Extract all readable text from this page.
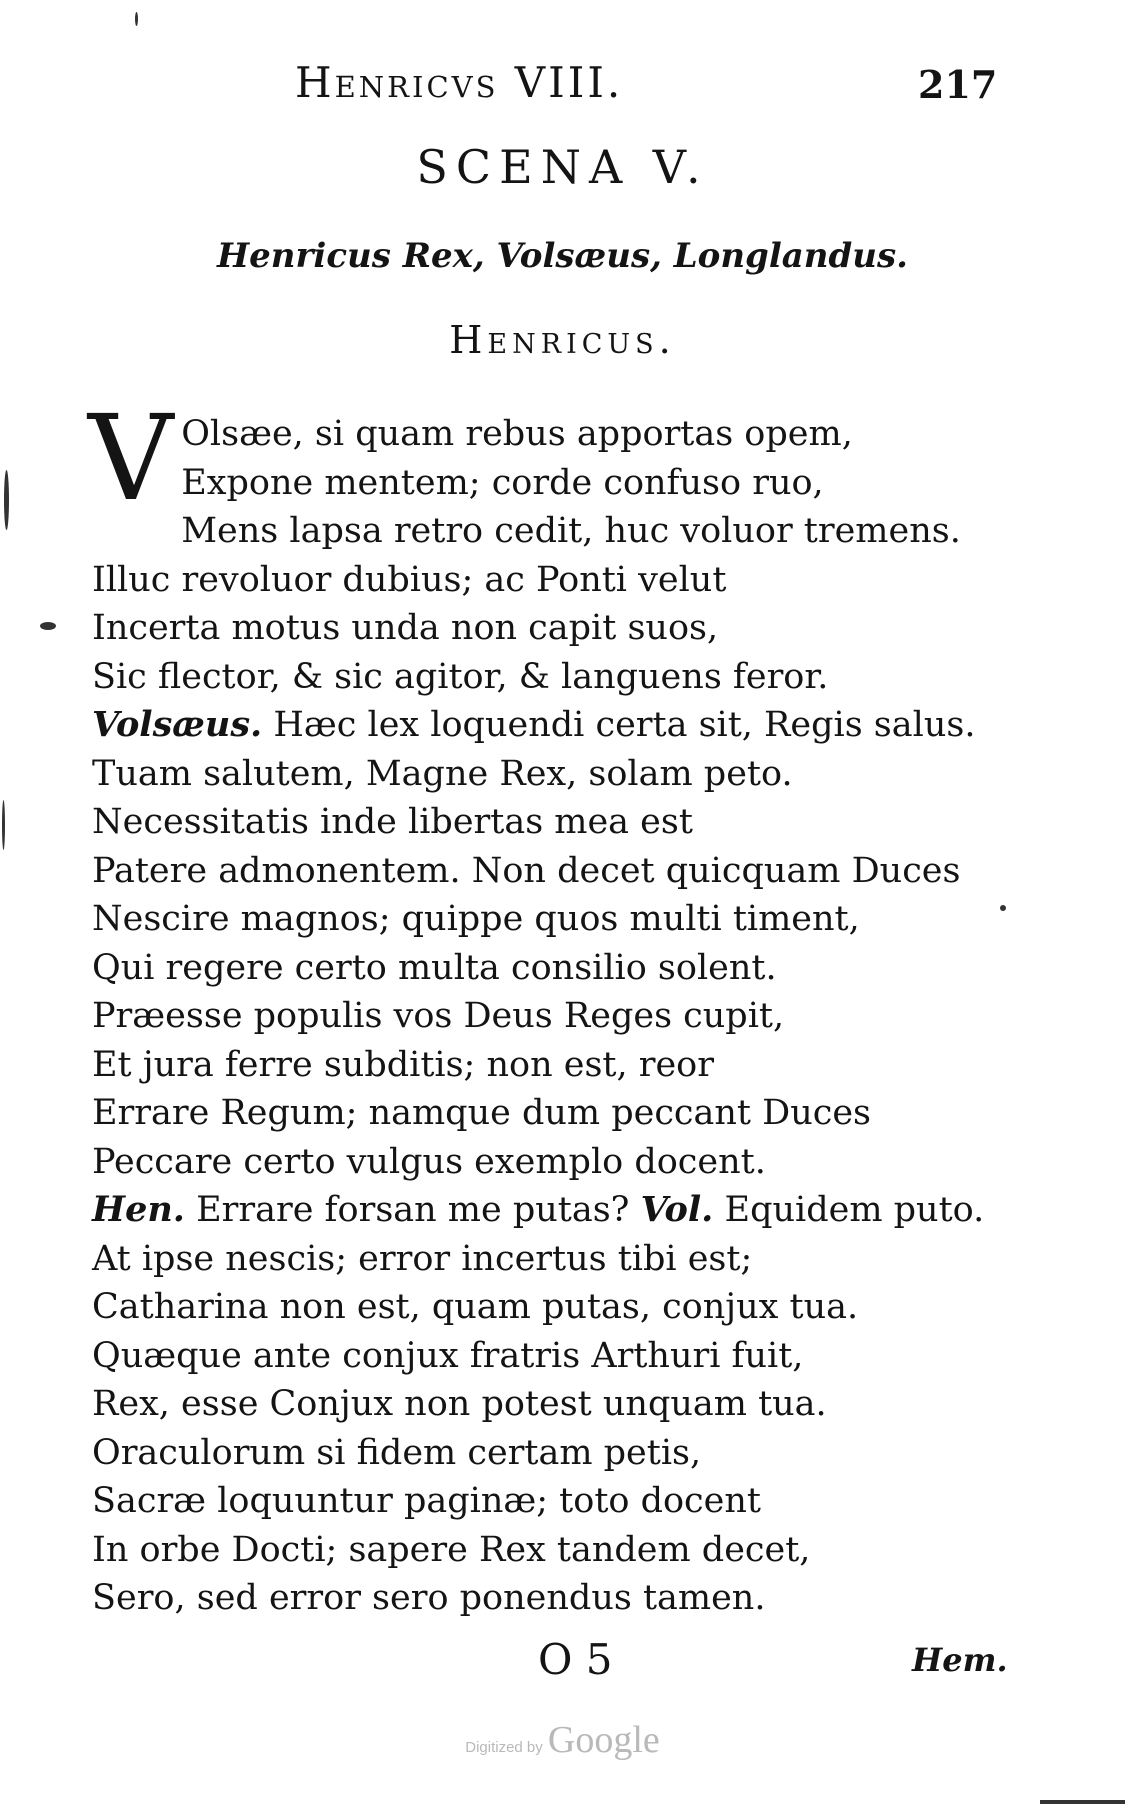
Henricvs VIII.	217
SCENA V.
Henricus Rex, Volsæus, Longlandus.
Henricus.
V Olsæe, si quam rebus apportas opem,
Expone mentem; corde confuso ruo,
Mens lapsa retro cedit, huc voluor tremens.
Illuc revoluor dubius; ac Ponti velut
Incerta motus unda non capit suos,
Sic flector, & sic agitor, & languens feror.
Volsæus. Hæc lex loquendi certa sit, Regis salus.
Tuam salutem, Magne Rex, solam peto.
Necessitatis inde libertas mea est
Patere admonentem. Non decet quicquam Duces
Nescire magnos; quippe quos multi timent,
Qui regere certo multa consilio solent.
Præesse populis vos Deus Reges cupit,
Et jura ferre subditis; non est, reor
Errare Regum; namque dum peccant Duces
Peccare certo vulgus exemplo docent.
Hen. Errare forsan me putas? Vol. Equidem puto.
At ipse nescis; error incertus tibi est;
Catharina non est, quam putas, conjux tua.
Quæque ante conjux fratris Arthuri fuit,
Rex, esse Conjux non potest unquam tua.
Oraculorum si fidem certam petis,
Sacræ loquuntur paginæ; toto docent
In orbe Docti; sapere Rex tandem decet,
Sero, sed error sero ponendus tamen.
O 5	Hem.
Digitized by Google
